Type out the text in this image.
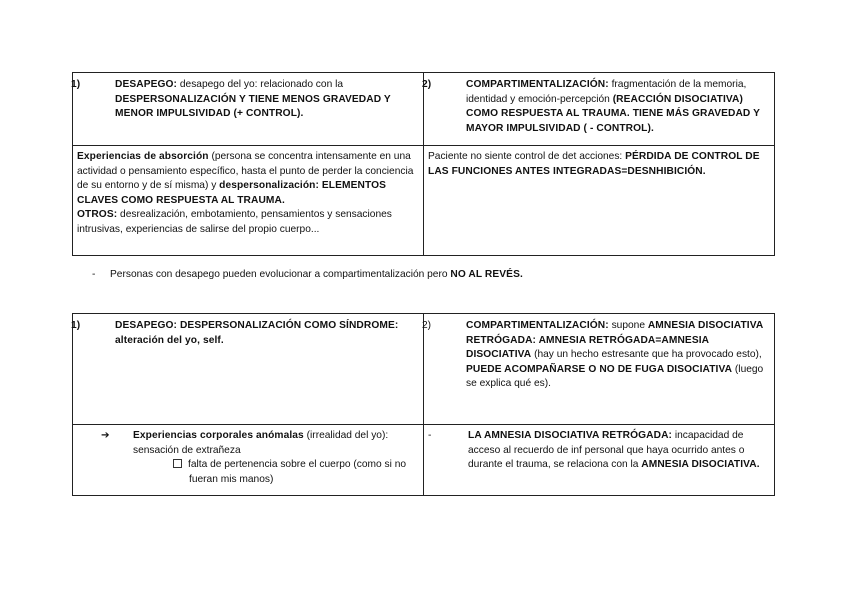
1) DESAPEGO: desapego del yo: relacionado con la DESPERSONALIZACIÓN Y TIENE MENOS GRAVEDAD Y MENOR IMPULSIVIDAD (+ CONTROL).	2) COMPARTIMENTALIZACIÓN: fragmentación de la memoria, identidad y emoción-percepción (REACCIÓN DISOCIATIVA) COMO RESPUESTA AL TRAUMA. TIENE MÁS GRAVEDAD Y MAYOR IMPULSIVIDAD ( - CONTROL).

Experiencias de absorción (persona se concentra intensamente en una actividad o pensamiento específico, hasta el punto de perder la conciencia de su entorno y de sí misma) y despersonalización: ELEMENTOS CLAVES COMO RESPUESTA AL TRAUMA.
OTROS: desrealización, embotamiento, pensamientos y sensaciones intrusivas, experiencias de salirse del propio cuerpo...	Paciente no siente control de det acciones: PÉRDIDA DE CONTROL DE LAS FUNCIONES ANTES INTEGRADAS=DESNHIBICIÓN.
- Personas con desapego pueden evolucionar a compartimentalización pero NO AL REVÉS.
1) DESAPEGO: DESPERSONALIZACIÓN COMO SÍNDROME: alteración del yo, self.	2) COMPARTIMENTALIZACIÓN: supone AMNESIA DISOCIATIVA RETRÓGADA: AMNESIA RETRÓGADA=AMNESIA DISOCIATIVA (hay un hecho estresante que ha provocado esto), PUEDE ACOMPAÑARSE O NO DE FUGA DISOCIATIVA (luego se explica qué es).

➔ Experiencias corporales anómalas (irrealidad del yo): sensación de extrañeza
falta de pertenencia sobre el cuerpo (como si no fueran mis manos)	- LA AMNESIA DISOCIATIVA RETRÓGADA: incapacidad de acceso al recuerdo de inf personal que haya ocurrido antes o durante el trauma, se relaciona con la AMNESIA DISOCIATIVA.
